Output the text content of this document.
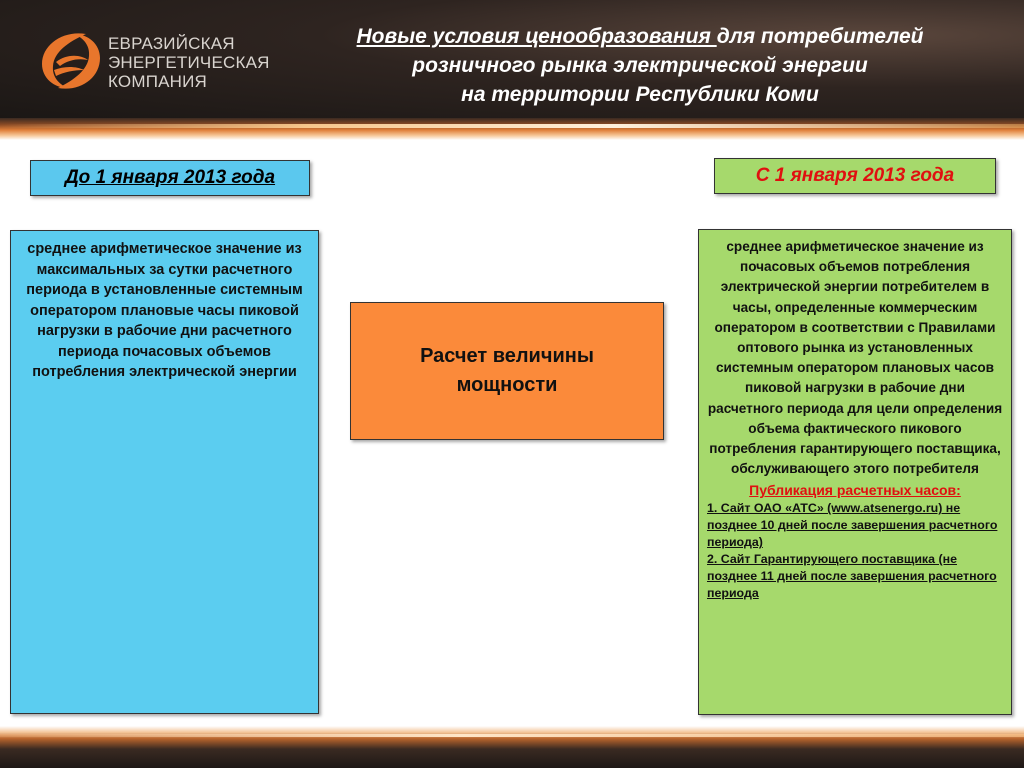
ЕВРАЗИЙСКАЯ
ЭНЕРГЕТИЧЕСКАЯ
КОМПАНИЯ
Новые условия ценообразования для потребителей
розничного рынка электрической энергии
на территории Республики Коми
До 1 января 2013 года	С 1 января 2013 года
среднее арифметическое значение из максимальных за сутки расчетного периода в установленные системным оператором плановые часы пиковой нагрузки в рабочие дни расчетного периода почасовых объемов потребления электрической энергии
Расчет величины мощности
среднее арифметическое значение из почасовых объемов потребления электрической энергии потребителем в часы, определенные коммерческим оператором в соответствии с Правилами оптового рынка из установленных системным оператором плановых часов пиковой нагрузки в рабочие дни расчетного периода для цели определения объема фактического пикового потребления гарантирующего поставщика, обслуживающего этого потребителя
Публикация расчетных часов:
1. Сайт ОАО «АТС» (www.atsenergo.ru) не позднее 10 дней после завершения расчетного периода)
2. Сайт Гарантирующего поставщика (не позднее 11 дней после завершения расчетного периода
